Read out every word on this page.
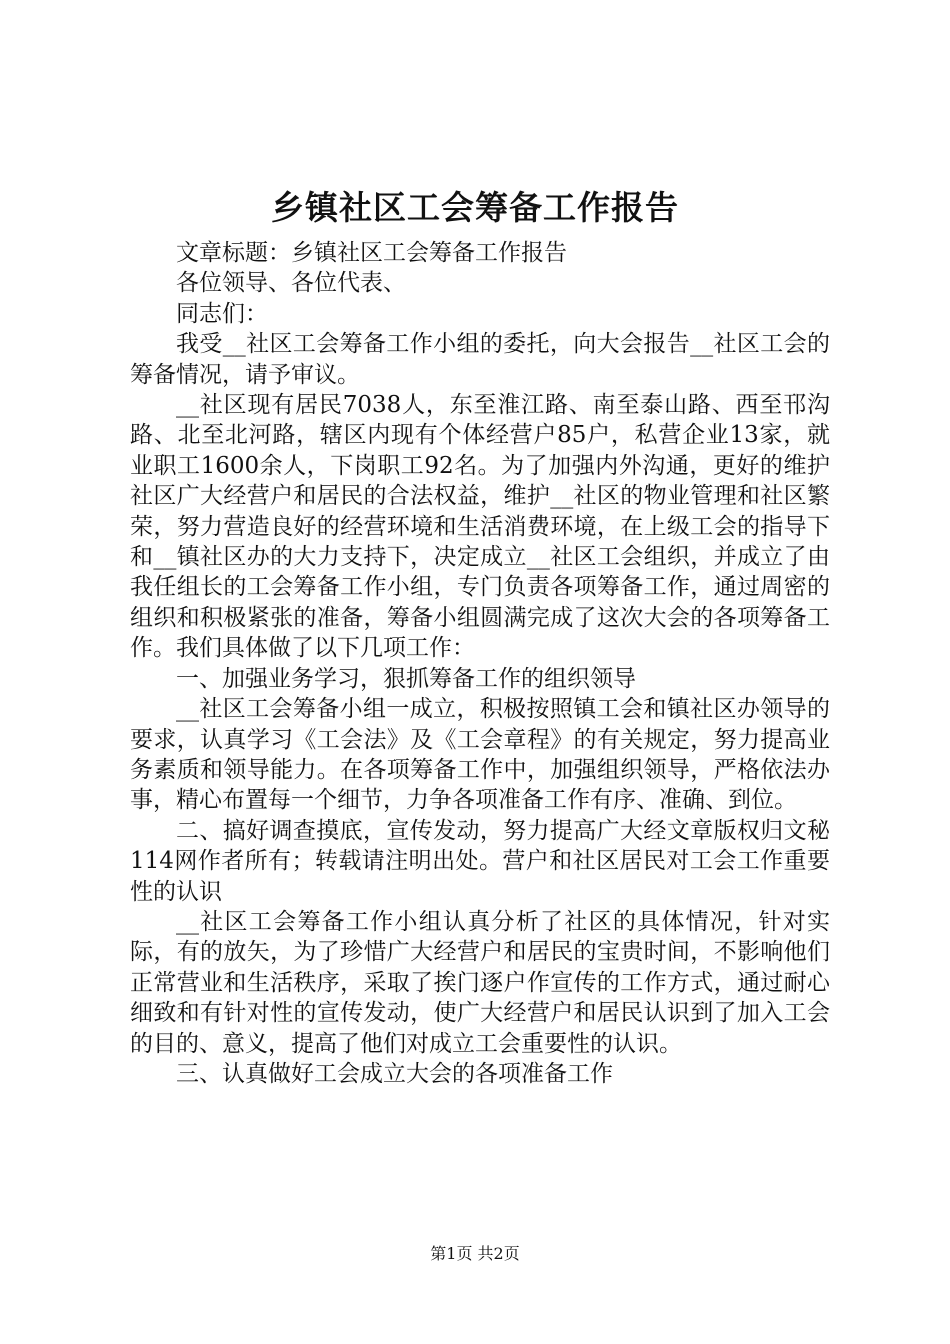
乡镇社区工会筹备工作报告

文章标题：乡镇社区工会筹备工作报告

各位领导、各位代表、

同志们：

我受__社区工会筹备工作小组的委托，向大会报告__社区工会的筹备情况，请予审议。

__社区现有居民7038人，东至淮江路、南至泰山路、西至邗沟路、北至北河路，辖区内现有个体经营户85户，私营企业13家，就业职工1600余人，下岗职工92名。为了加强内外沟通，更好的维护社区广大经营户和居民的合法权益，维护__社区的物业管理和社区繁荣，努力营造良好的经营环境和生活消费环境，在上级工会的指导下和__镇社区办的大力支持下，决定成立__社区工会组织，并成立了由我任组长的工会筹备工作小组，专门负责各项筹备工作，通过周密的组织和积极紧张的准备，筹备小组圆满完成了这次大会的各项筹备工作。我们具体做了以下几项工作：

一、加强业务学习，狠抓筹备工作的组织领导

__社区工会筹备小组一成立，积极按照镇工会和镇社区办领导的要求，认真学习《工会法》及《工会章程》的有关规定，努力提高业务素质和领导能力。在各项筹备工作中，加强组织领导，严格依法办事，精心布置每一个细节，力争各项准备工作有序、准确、到位。

二、搞好调查摸底，宣传发动，努力提高广大经文章版权归文秘114网作者所有；转载请注明出处。营户和社区居民对工会工作重要性的认识

__社区工会筹备工作小组认真分析了社区的具体情况，针对实际，有的放矢，为了珍惜广大经营户和居民的宝贵时间，不影响他们正常营业和生活秩序，采取了挨门逐户作宣传的工作方式，通过耐心细致和有针对性的宣传发动，使广大经营户和居民认识到了加入工会的目的、意义，提高了他们对成立工会重要性的认识。

三、认真做好工会成立大会的各项准备工作

第1页 共2页
